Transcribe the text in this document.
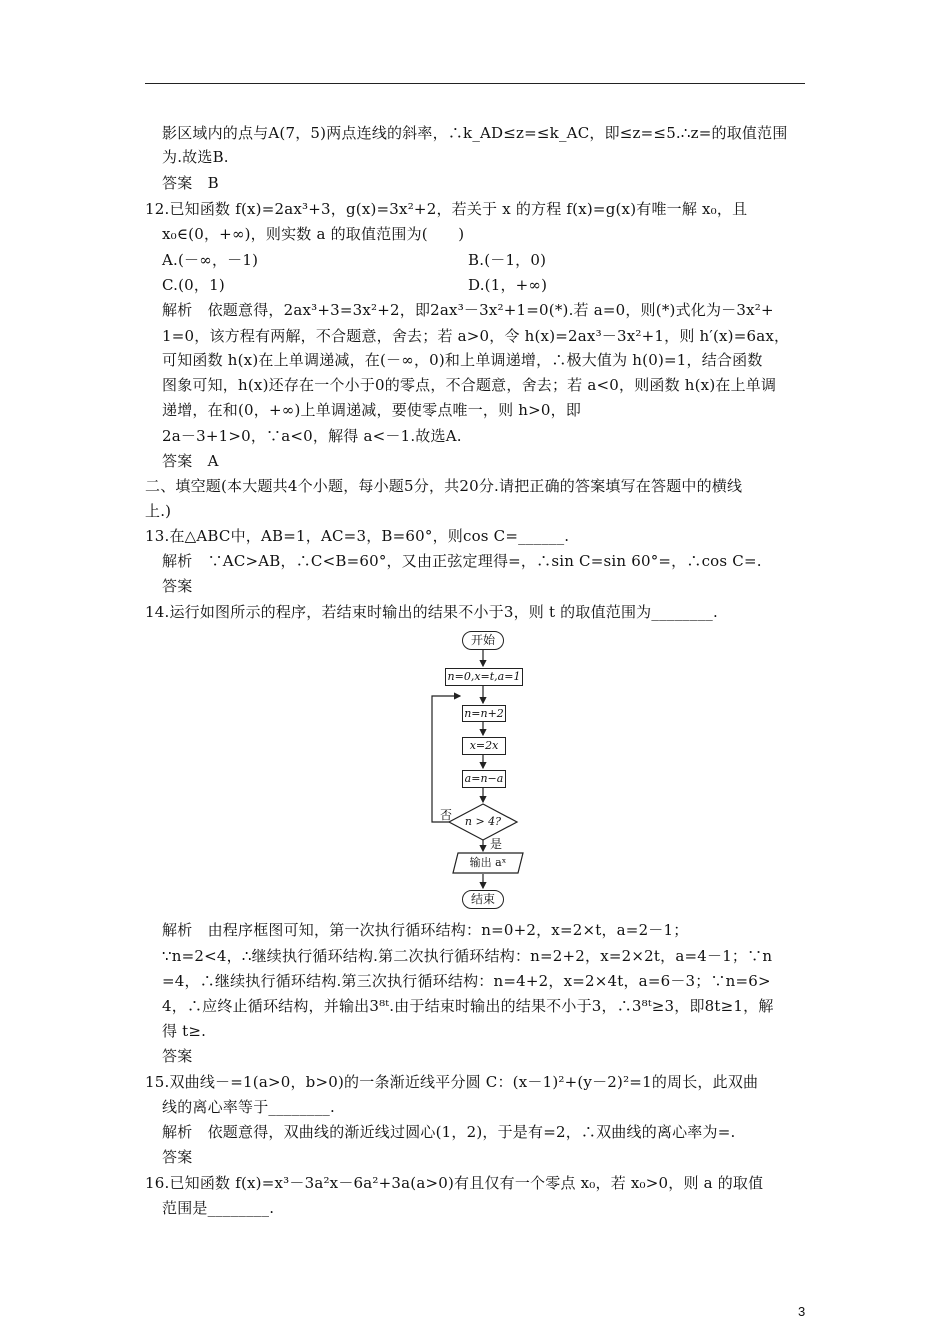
影区域内的点与A(7，5)两点连线的斜率，∴k_AD≤z=≤k_AC，即≤z=≤5.∴z=的取值范围
为.故选B.
答案　B
12.已知函数 f(x)=2ax³+3，g(x)=3x²+2，若关于 x 的方程 f(x)=g(x)有唯一解 x₀，且
x₀∈(0，+∞)，则实数 a 的取值范围为(　　)
A.(－∞，－1)	B.(－1，0)
C.(0，1)	D.(1，+∞)
解析　依题意得，2ax³+3=3x²+2，即2ax³－3x²+1=0(*).若 a=0，则(*)式化为－3x²+
1=0，该方程有两解，不合题意，舍去；若 a>0，令 h(x)=2ax³－3x²+1，则 h′(x)=6ax，
可知函数 h(x)在上单调递减，在(－∞，0)和上单调递增，∴极大值为 h(0)=1，结合函数
图象可知，h(x)还存在一个小于0的零点，不合题意，舍去；若 a<0，则函数 h(x)在上单调
递增，在和(0，+∞)上单调递减，要使零点唯一，则 h>0，即
2a－3+1>0，∵a<0，解得 a<－1.故选A.
答案　A
二、填空题(本大题共4个小题，每小题5分，共20分.请把正确的答案填写在答题中的横线
上.)
13.在△ABC中，AB=1，AC=3，B=60°，则cos C=______.
解析　∵AC>AB，∴C<B=60°，又由正弦定理得=，∴sin C=sin 60°=，∴cos C=.
答案
14.运行如图所示的程序，若结束时输出的结果不小于3，则 t 的取值范围为________.
开始
n=0,x=t,a=1
n=n+2
x=2x
a=n−a
n > 4?
否
是
结束
输出 aˣ
解析　由程序框图可知，第一次执行循环结构：n=0+2，x=2×t，a=2－1；
∵n=2<4，∴继续执行循环结构.第二次执行循环结构：n=2+2，x=2×2t，a=4－1；∵n
=4，∴继续执行循环结构.第三次执行循环结构：n=4+2，x=2×4t，a=6－3；∵n=6>
4，∴应终止循环结构，并输出3⁸ᵗ.由于结束时输出的结果不小于3，∴3⁸ᵗ≥3，即8t≥1，解
得 t≥.
答案
15.双曲线－=1(a>0，b>0)的一条渐近线平分圆 C：(x－1)²+(y－2)²=1的周长，此双曲
线的离心率等于________.
解析　依题意得，双曲线的渐近线过圆心(1，2)，于是有=2，∴双曲线的离心率为=.
答案
16.已知函数 f(x)=x³－3a²x－6a²+3a(a>0)有且仅有一个零点 x₀，若 x₀>0，则 a 的取值
范围是________.
3
